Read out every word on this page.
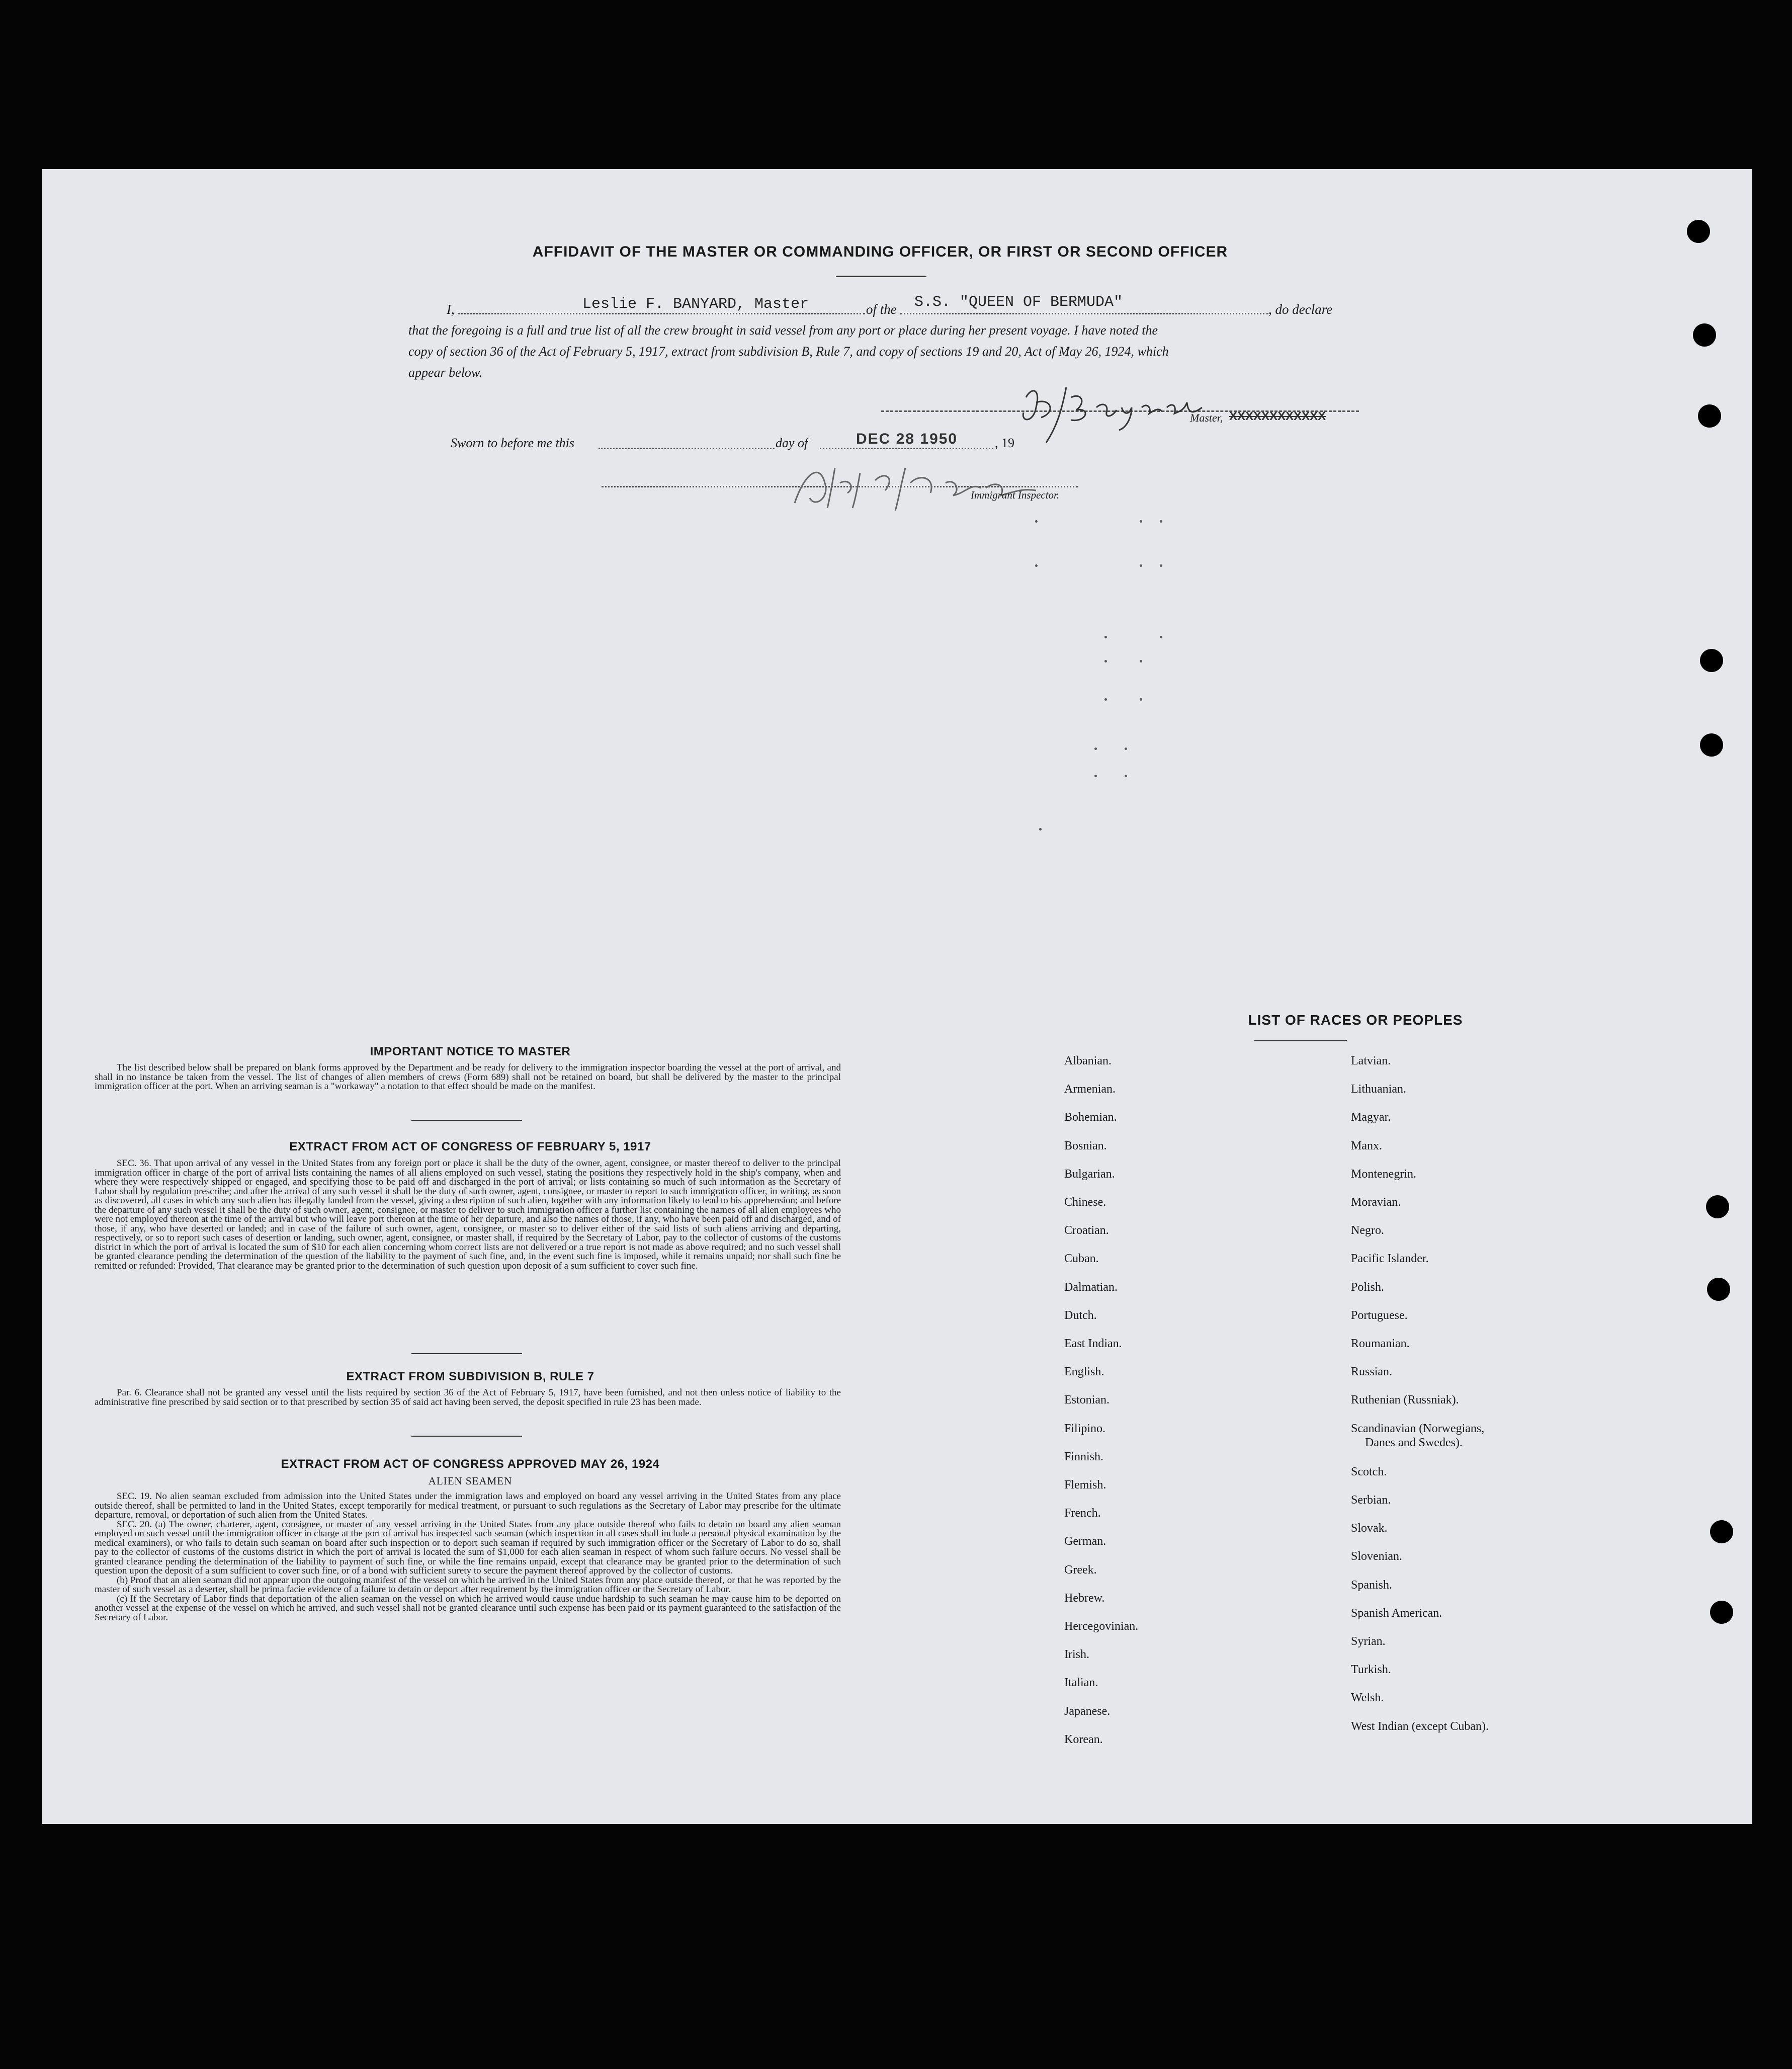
AFFIDAVIT OF THE MASTER OR COMMANDING OFFICER, OR FIRST OR SECOND OFFICER
I,	Leslie F. BANYARD, Master	of the S.S. "QUEEN OF BERMUDA"	, do declare
that the foregoing is a full and true list of all the crew brought in said vessel from any port or place during her present voyage. I have noted the
copy of section 36 of the Act of February 5, 1917, extract from subdivision B, Rule 7, and copy of sections 19 and 20, Act of May 26, 1924, which
appear below.
Master, XXXXXXXXXXXX
Sworn to before me this	day of	DEC 28 1950	, 19
Immigrant Inspector.
IMPORTANT NOTICE TO MASTER

The list described below shall be prepared on blank forms approved by the Department and be ready for delivery to the immigration inspector boarding the vessel at the port of arrival, and shall in no instance be taken from the vessel. The list of changes of alien members of crews (Form 689) shall not be retained on board, but shall be delivered by the master to the principal immigration officer at the port. When an arriving seaman is a "workaway" a notation to that effect should be made on the manifest.

EXTRACT FROM ACT OF CONGRESS OF FEBRUARY 5, 1917

SEC. 36. That upon arrival of any vessel in the United States from any foreign port or place it shall be the duty of the owner, agent, consignee, or master thereof to deliver to the principal immigration officer in charge of the port of arrival lists containing the names of all aliens employed on such vessel, stating the positions they respectively hold in the ship's company, when and where they were respectively shipped or engaged, and specifying those to be paid off and discharged in the port of arrival; or lists containing so much of such information as the Secretary of Labor shall by regulation prescribe; and after the arrival of any such vessel it shall be the duty of such owner, agent, consignee, or master to report to such immigration officer, in writing, as soon as discovered, all cases in which any such alien has illegally landed from the vessel, giving a description of such alien, together with any information likely to lead to his apprehension; and before the departure of any such vessel it shall be the duty of such owner, agent, consignee, or master to deliver to such immigration officer a further list containing the names of all alien employees who were not employed thereon at the time of the arrival but who will leave port thereon at the time of her departure, and also the names of those, if any, who have been paid off and discharged, and of those, if any, who have deserted or landed; and in case of the failure of such owner, agent, consignee, or master so to deliver either of the said lists of such aliens arriving and departing, respectively, or so to report such cases of desertion or landing, such owner, agent, consignee, or master shall, if required by the Secretary of Labor, pay to the collector of customs of the customs district in which the port of arrival is located the sum of $10 for each alien concerning whom correct lists are not delivered or a true report is not made as above required; and no such vessel shall be granted clearance pending the determination of the question of the liability to the payment of such fine, and, in the event such fine is imposed, while it remains unpaid; nor shall such fine be remitted or refunded: Provided, That clearance may be granted prior to the determination of such question upon deposit of a sum sufficient to cover such fine.

EXTRACT FROM SUBDIVISION B, RULE 7

Par. 6. Clearance shall not be granted any vessel until the lists required by section 36 of the Act of February 5, 1917, have been furnished, and not then unless notice of liability to the administrative fine prescribed by said section or to that prescribed by section 35 of said act having been served, the deposit specified in rule 23 has been made.

EXTRACT FROM ACT OF CONGRESS APPROVED MAY 26, 1924
ALIEN SEAMEN

SEC. 19. No alien seaman excluded from admission into the United States under the immigration laws and employed on board any vessel arriving in the United States from any place outside thereof, shall be permitted to land in the United States, except temporarily for medical treatment, or pursuant to such regulations as the Secretary of Labor may prescribe for the ultimate departure, removal, or deportation of such alien from the United States.

SEC. 20. (a) The owner, charterer, agent, consignee, or master of any vessel arriving in the United States from any place outside thereof who fails to detain on board any alien seaman employed on such vessel until the immigration officer in charge at the port of arrival has inspected such seaman (which inspection in all cases shall include a personal physical examination by the medical examiners), or who fails to detain such seaman on board after such inspection or to deport such seaman if required by such immigration officer or the Secretary of Labor to do so, shall pay to the collector of customs of the customs district in which the port of arrival is located the sum of $1,000 for each alien seaman in respect of whom such failure occurs. No vessel shall be granted clearance pending the determination of the liability to payment of such fine, or while the fine remains unpaid, except that clearance may be granted prior to the determination of such question upon the deposit of a sum sufficient to cover such fine, or of a bond with sufficient surety to secure the payment thereof approved by the collector of customs.

(b) Proof that an alien seaman did not appear upon the outgoing manifest of the vessel on which he arrived in the United States from any place outside thereof, or that he was reported by the master of such vessel as a deserter, shall be prima facie evidence of a failure to detain or deport after requirement by the immigration officer or the Secretary of Labor.

(c) If the Secretary of Labor finds that deportation of the alien seaman on the vessel on which he arrived would cause undue hardship to such seaman he may cause him to be deported on another vessel at the expense of the vessel on which he arrived, and such vessel shall not be granted clearance until such expense has been paid or its payment guaranteed to the satisfaction of the Secretary of Labor.

LIST OF RACES OR PEOPLES
Albanian.
Armenian.
Bohemian.
Bosnian.
Bulgarian.
Chinese.
Croatian.
Cuban.
Dalmatian.
Dutch.
East Indian.
English.
Estonian.
Filipino.
Finnish.
Flemish.
French.
German.
Greek.
Hebrew.
Hercegovinian.
Irish.
Italian.
Japanese.
Korean.
Latvian.
Lithuanian.
Magyar.
Manx.
Montenegrin.
Moravian.
Negro.
Pacific Islander.
Polish.
Portuguese.
Roumanian.
Russian.
Ruthenian (Russniak).
Scandinavian (Norwegians,
Danes and Swedes).
Scotch.
Serbian.
Slovak.
Slovenian.
Spanish.
Spanish American.
Syrian.
Turkish.
Welsh.
West Indian (except Cuban).
